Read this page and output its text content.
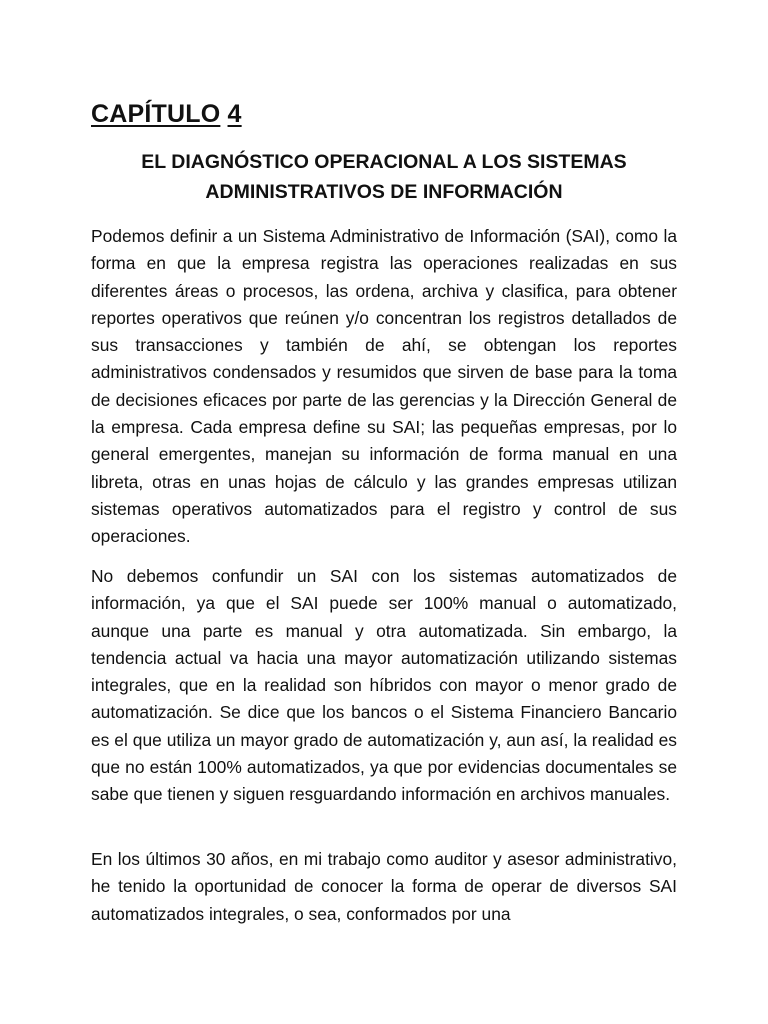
CAPÍTULO 4
EL DIAGNÓSTICO OPERACIONAL A LOS SISTEMAS
ADMINISTRATIVOS DE INFORMACIÓN

Podemos definir a un Sistema Administrativo de Información (SAI), como la forma en que la empresa registra las operaciones realizadas en sus diferentes áreas o procesos, las ordena, archiva y clasifica, para obtener reportes operativos que reúnen y/o concentran los registros detallados de sus transacciones y también de ahí, se obtengan los reportes administrativos condensados y resumidos que sirven de base para la toma de decisiones eficaces por parte de las gerencias y la Dirección General de la empresa. Cada empresa define su SAI; las pequeñas empresas, por lo general emergentes, manejan su información de forma manual en una libreta, otras en unas hojas de cálculo y las grandes empresas utilizan sistemas operativos automatizados para el registro y control de sus operaciones.

No debemos confundir un SAI con los sistemas automatizados de información, ya que el SAI puede ser 100% manual o automatizado, aunque una parte es manual y otra automatizada. Sin embargo, la tendencia actual va hacia una mayor automatización utilizando sistemas integrales, que en la realidad son híbridos con mayor o menor grado de automatización. Se dice que los bancos o el Sistema Financiero Bancario es el que utiliza un mayor grado de automatización y, aun así, la realidad es que no están 100% automatizados, ya que por evidencias documentales se sabe que tienen y siguen resguardando información en archivos manuales.

En los últimos 30 años, en mi trabajo como auditor y asesor administrativo, he tenido la oportunidad de conocer la forma de operar de diversos SAI automatizados integrales, o sea, conformados por una
